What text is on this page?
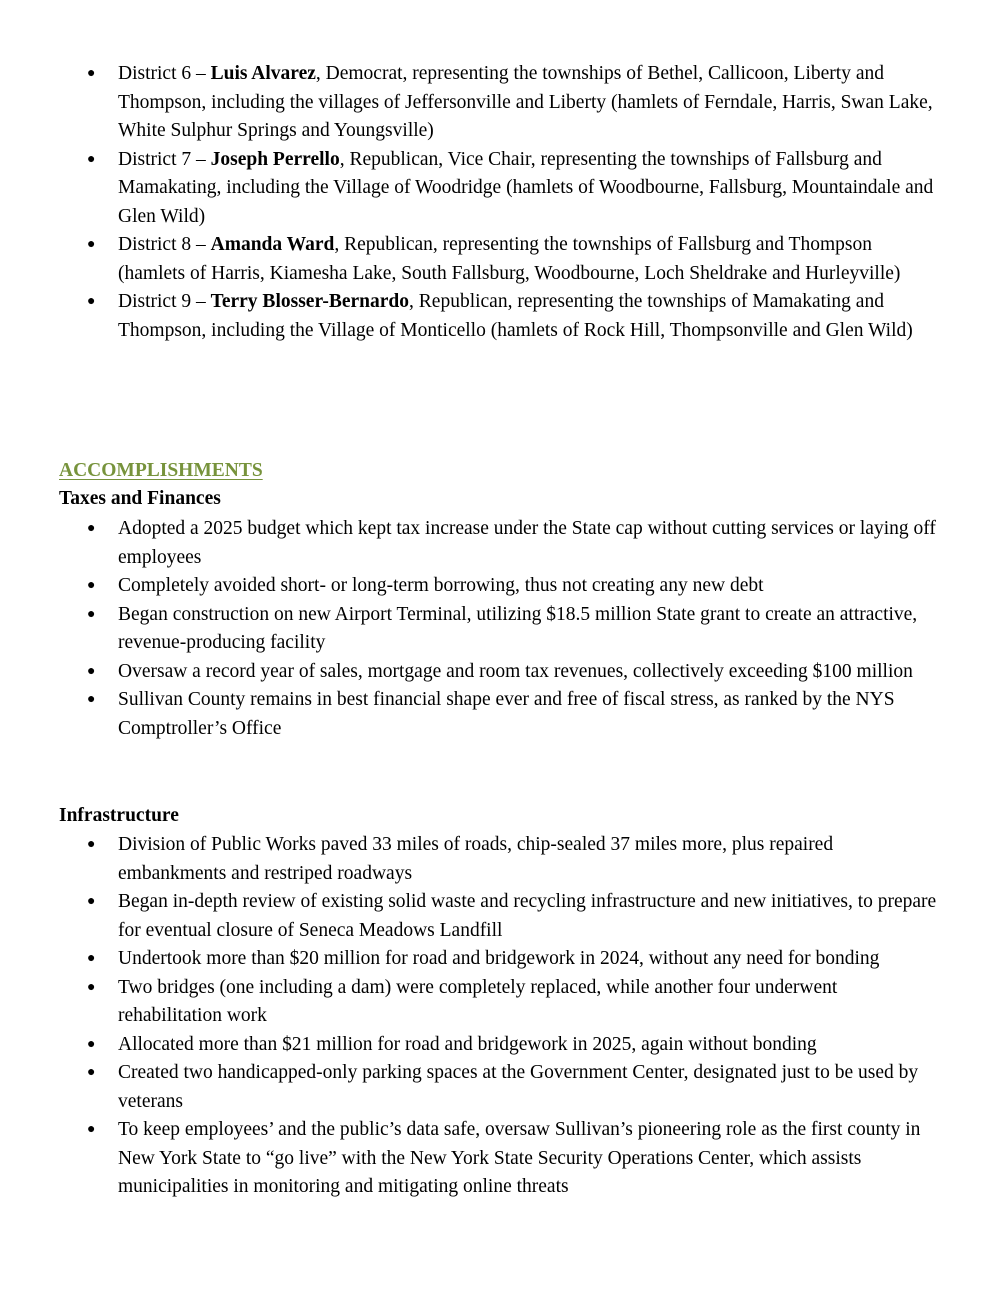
● District 6 – Luis Alvarez, Democrat, representing the townships of Bethel, Callicoon, Liberty and Thompson, including the villages of Jeffersonville and Liberty (hamlets of Ferndale, Harris, Swan Lake, White Sulphur Springs and Youngsville)

● District 7 – Joseph Perrello, Republican, Vice Chair, representing the townships of Fallsburg and Mamakating, including the Village of Woodridge (hamlets of Woodbourne, Fallsburg, Mountaindale and Glen Wild)

● District 8 – Amanda Ward, Republican, representing the townships of Fallsburg and Thompson (hamlets of Harris, Kiamesha Lake, South Fallsburg, Woodbourne, Loch Sheldrake and Hurleyville)

● District 9 – Terry Blosser-Bernardo, Republican, representing the townships of Mamakating and Thompson, including the Village of Monticello (hamlets of Rock Hill, Thompsonville and Glen Wild)

ACCOMPLISHMENTS
Taxes and Finances
● Adopted a 2025 budget which kept tax increase under the State cap without cutting services or laying off employees

● Completely avoided short- or long-term borrowing, thus not creating any new debt

● Began construction on new Airport Terminal, utilizing $18.5 million State grant to create an attractive, revenue-producing facility

● Oversaw a record year of sales, mortgage and room tax revenues, collectively exceeding $100 million

● Sullivan County remains in best financial shape ever and free of fiscal stress, as ranked by the NYS Comptroller’s Office

Infrastructure
● Division of Public Works paved 33 miles of roads, chip-sealed 37 miles more, plus repaired embankments and restriped roadways

● Began in-depth review of existing solid waste and recycling infrastructure and new initiatives, to prepare for eventual closure of Seneca Meadows Landfill

● Undertook more than $20 million for road and bridgework in 2024, without any need for bonding

● Two bridges (one including a dam) were completely replaced, while another four underwent rehabilitation work

● Allocated more than $21 million for road and bridgework in 2025, again without bonding

● Created two handicapped-only parking spaces at the Government Center, designated just to be used by veterans

● To keep employees’ and the public’s data safe, oversaw Sullivan’s pioneering role as the first county in New York State to “go live” with the New York State Security Operations Center, which assists municipalities in monitoring and mitigating online threats
